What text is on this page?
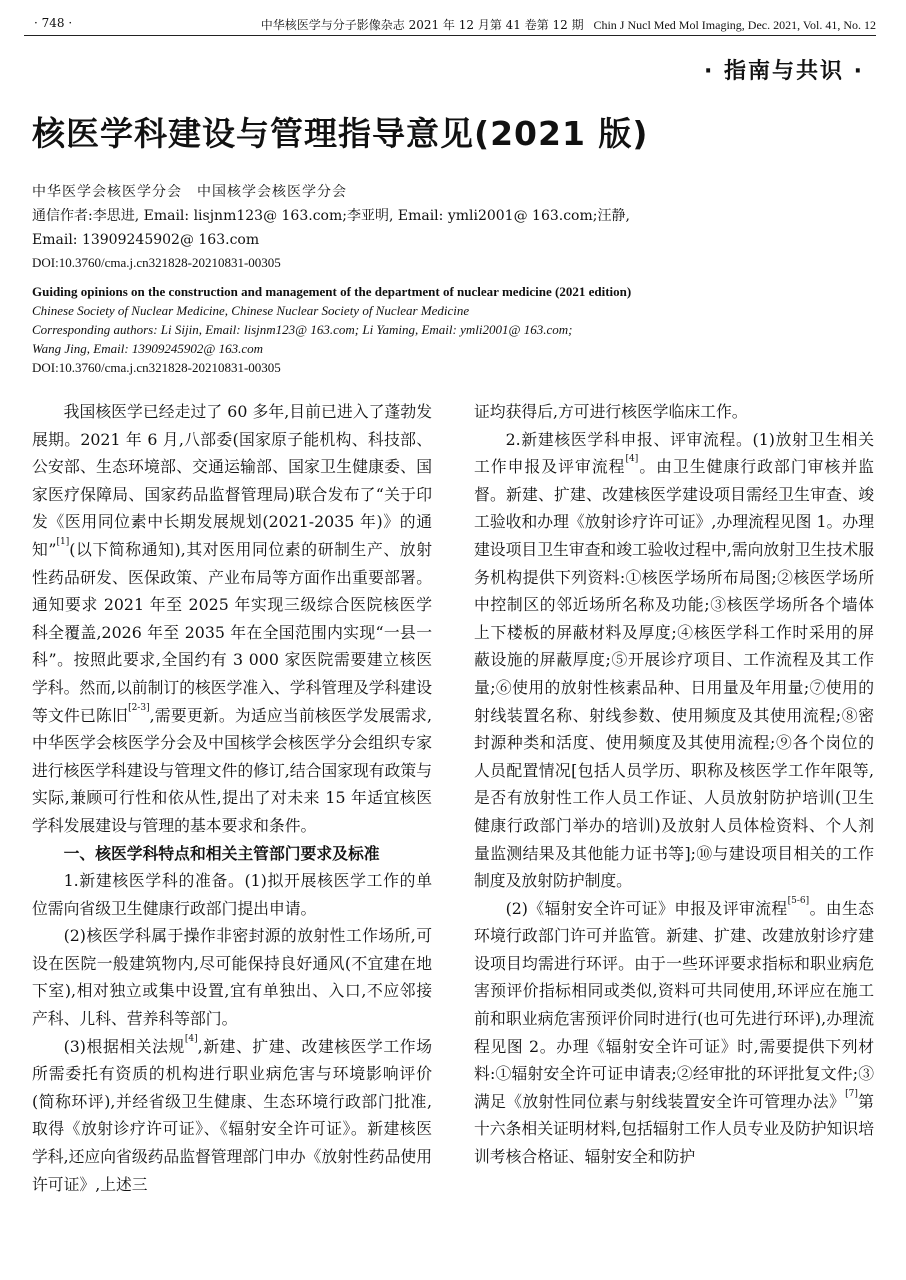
· 748 ·	中华核医学与分子影像杂志 2021 年 12 月第 41 卷第 12 期 Chin J Nucl Med Mol Imaging, Dec. 2021, Vol. 41, No. 12
· 指南与共识 ·
核医学科建设与管理指导意见(2021 版)
中华医学会核医学分会　中国核学会核医学分会
通信作者:李思进, Email: lisjnm123@ 163.com;李亚明, Email: ymli2001@ 163.com;汪静,
Email: 13909245902@ 163.com
DOI:10.3760/cma.j.cn321828-20210831-00305
Guiding opinions on the construction and management of the department of nuclear medicine (2021 edition)
Chinese Society of Nuclear Medicine, Chinese Nuclear Society of Nuclear Medicine
Corresponding authors: Li Sijin, Email: lisjnm123@ 163.com; Li Yaming, Email: ymli2001@ 163.com;
Wang Jing, Email: 13909245902@ 163.com
DOI:10.3760/cma.j.cn321828-20210831-00305

我国核医学已经走过了 60 多年,目前已进入了蓬勃发展期。2021 年 6 月,八部委(国家原子能机构、科技部、公安部、生态环境部、交通运输部、国家卫生健康委、国家医疗保障局、国家药品监督管理局)联合发布了“关于印发《医用同位素中长期发展规划(2021-2035 年)》的通知”[1](以下简称通知),其对医用同位素的研制生产、放射性药品研发、医保政策、产业布局等方面作出重要部署。通知要求 2021 年至 2025 年实现三级综合医院核医学科全覆盖,2026 年至 2035 年在全国范围内实现“一县一科”。按照此要求,全国约有 3 000 家医院需要建立核医学科。然而,以前制订的核医学准入、学科管理及学科建设等文件已陈旧[2-3],需要更新。为适应当前核医学发展需求,中华医学会核医学分会及中国核学会核医学分会组织专家进行核医学科建设与管理文件的修订,结合国家现有政策与实际,兼顾可行性和依从性,提出了对未来 15 年适宜核医学科发展建设与管理的基本要求和条件。

一、核医学科特点和相关主管部门要求及标准

1.新建核医学科的准备。(1)拟开展核医学工作的单位需向省级卫生健康行政部门提出申请。

(2)核医学科属于操作非密封源的放射性工作场所,可设在医院一般建筑物内,尽可能保持良好通风(不宜建在地下室),相对独立或集中设置,宜有单独出、入口,不应邻接产科、儿科、营养科等部门。

(3)根据相关法规[4],新建、扩建、改建核医学工作场所需委托有资质的机构进行职业病危害与环境影响评价(简称环评),并经省级卫生健康、生态环境行政部门批准,取得《放射诊疗许可证》、《辐射安全许可证》。新建核医学科,还应向省级药品监督管理部门申办《放射性药品使用许可证》,上述三

证均获得后,方可进行核医学临床工作。

2.新建核医学科申报、评审流程。(1)放射卫生相关工作申报及评审流程[4]。由卫生健康行政部门审核并监督。新建、扩建、改建核医学建设项目需经卫生审查、竣工验收和办理《放射诊疗许可证》,办理流程见图 1。办理建设项目卫生审查和竣工验收过程中,需向放射卫生技术服务机构提供下列资料:①核医学场所布局图;②核医学场所中控制区的邻近场所名称及功能;③核医学场所各个墙体上下楼板的屏蔽材料及厚度;④核医学科工作时采用的屏蔽设施的屏蔽厚度;⑤开展诊疗项目、工作流程及其工作量;⑥使用的放射性核素品种、日用量及年用量;⑦使用的射线装置名称、射线参数、使用频度及其使用流程;⑧密封源种类和活度、使用频度及其使用流程;⑨各个岗位的人员配置情况[包括人员学历、职称及核医学工作年限等,是否有放射性工作人员工作证、人员放射防护培训(卫生健康行政部门举办的培训)及放射人员体检资料、个人剂量监测结果及其他能力证书等];⑩与建设项目相关的工作制度及放射防护制度。

(2)《辐射安全许可证》申报及评审流程[5-6]。由生态环境行政部门许可并监管。新建、扩建、改建放射诊疗建设项目均需进行环评。由于一些环评要求指标和职业病危害预评价指标相同或类似,资料可共同使用,环评应在施工前和职业病危害预评价同时进行(也可先进行环评),办理流程见图 2。办理《辐射安全许可证》时,需要提供下列材料:①辐射安全许可证申请表;②经审批的环评批复文件;③满足《放射性同位素与射线装置安全许可管理办法》[7]第十六条相关证明材料,包括辐射工作人员专业及防护知识培训考核合格证、辐射安全和防护
